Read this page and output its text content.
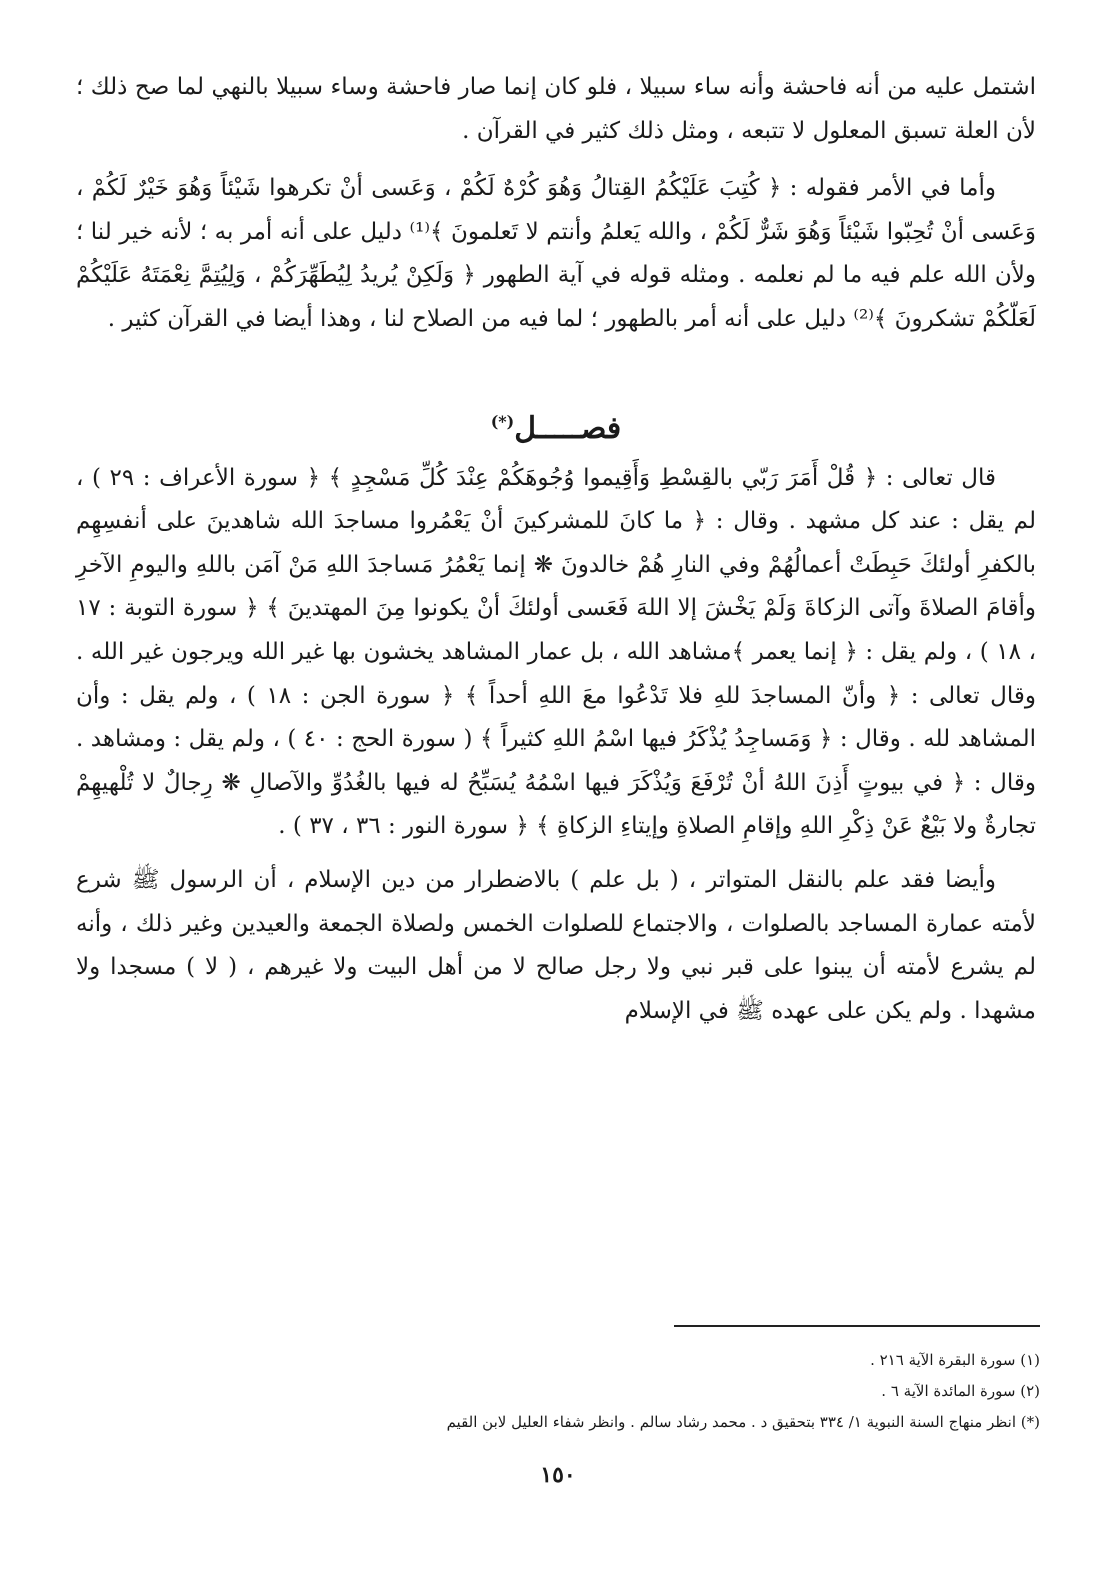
اشتمل عليه من أنه فاحشة وأنه ساء سبيلا ، فلو كان إنما صار فاحشة وساء سبيلا بالنهي لما صح ذلك ؛ لأن العلة تسبق المعلول لا تتبعه ، ومثل ذلك كثير في القرآن .

وأما في الأمر فقوله : ﴿ كُتِبَ عَلَيْكُمُ القِتالُ وَهُوَ كُرْهٌ لَكُمْ ، وَعَسى أنْ تكرهوا شَيْئاً وَهُوَ خَيْرٌ لَكُمْ ، وَعَسى أنْ تُحِبّوا شَيْئاً وَهُوَ شَرٌّ لَكُمْ ، والله يَعلمُ وأنتم لا تَعلمونَ ﴾⁽¹⁾ دليل على أنه أمر به ؛ لأنه خير لنا ؛ ولأن الله علم فيه ما لم نعلمه . ومثله قوله في آية الطهور ﴿ وَلَكِنْ يُريدُ لِيُطَهِّرَكُمْ ، وَلِيُتِمَّ نِعْمَتَهُ عَلَيْكُمْ لَعَلّكُمْ تشكرونَ ﴾⁽²⁾ دليل على أنه أمر بالطهور ؛ لما فيه من الصلاح لنا ، وهذا أيضا في القرآن كثير .

فصـــــل(*)

قال تعالى : ﴿ قُلْ أَمَرَ رَبّي بالقِسْطِ وَأَقِيموا وُجُوهَكُمْ عِنْدَ كُلِّ مَسْجِدٍ ﴾ ﴿ سورة الأعراف : ٢٩ ) ، لم يقل : عند كل مشهد . وقال : ﴿ ما كانَ للمشركينَ أنْ يَعْمُروا مساجدَ الله شاهدينَ على أنفسِهِم بالكفرِ أولئكَ حَبِطَتْ أعمالُهُمْ وفي النارِ هُمْ خالدونَ ❋ إنما يَعْمُرُ مَساجدَ اللهِ مَنْ آمَن باللهِ واليومِ الآخرِ وأقامَ الصلاةَ وآتى الزكاةَ وَلَمْ يَخْشَ إلا اللهَ فَعَسى أولئكَ أنْ يكونوا مِنَ المهتدينَ ﴾ ﴿ سورة التوبة : ١٧ ، ١٨ ) ، ولم يقل : ﴿ إنما يعمر ﴾مشاهد الله ، بل عمار المشاهد يخشون بها غير الله ويرجون غير الله . وقال تعالى : ﴿ وأنّ المساجدَ للهِ فلا تَدْعُوا معَ اللهِ أحداً ﴾ ﴿ سورة الجن : ١٨ ) ، ولم يقل : وأن المشاهد لله . وقال : ﴿ وَمَساجِدُ يُذْكَرُ فيها اسْمُ اللهِ كثيراً ﴾ ( سورة الحج : ٤٠ ) ، ولم يقل : ومشاهد . وقال : ﴿ في بيوتٍ أَذِنَ اللهُ أنْ تُرْفَعَ وَيُذْكَرَ فيها اسْمُهُ يُسَبِّحُ له فيها بالغُدُوِّ والآصالِ ❋ رِجالٌ لا تُلْهيهِمْ تجارةٌ ولا بَيْعٌ عَنْ ذِكْرِ اللهِ وإقامِ الصلاةِ وإيتاءِ الزكاةِ ﴾ ﴿ سورة النور : ٣٦ ، ٣٧ ) .

وأيضا فقد علم بالنقل المتواتر ، ( بل علم ) بالاضطرار من دين الإسلام ، أن الرسول ﷺ شرع لأمته عمارة المساجد بالصلوات ، والاجتماع للصلوات الخمس ولصلاة الجمعة والعيدين وغير ذلك ، وأنه لم يشرع لأمته أن يبنوا على قبر نبي ولا رجل صالح لا من أهل البيت ولا غيرهم ، ( لا ) مسجدا ولا مشهدا . ولم يكن على عهده ﷺ في الإسلام

(١) سورة البقرة الآية ٢١٦ .

(٢) سورة المائدة الآية ٦ .

(*) انظر منهاج السنة النبوية ١/ ٣٣٤ بتحقيق د . محمد رشاد سالم . وانظر شفاء العليل لابن القيم

١٥٠
